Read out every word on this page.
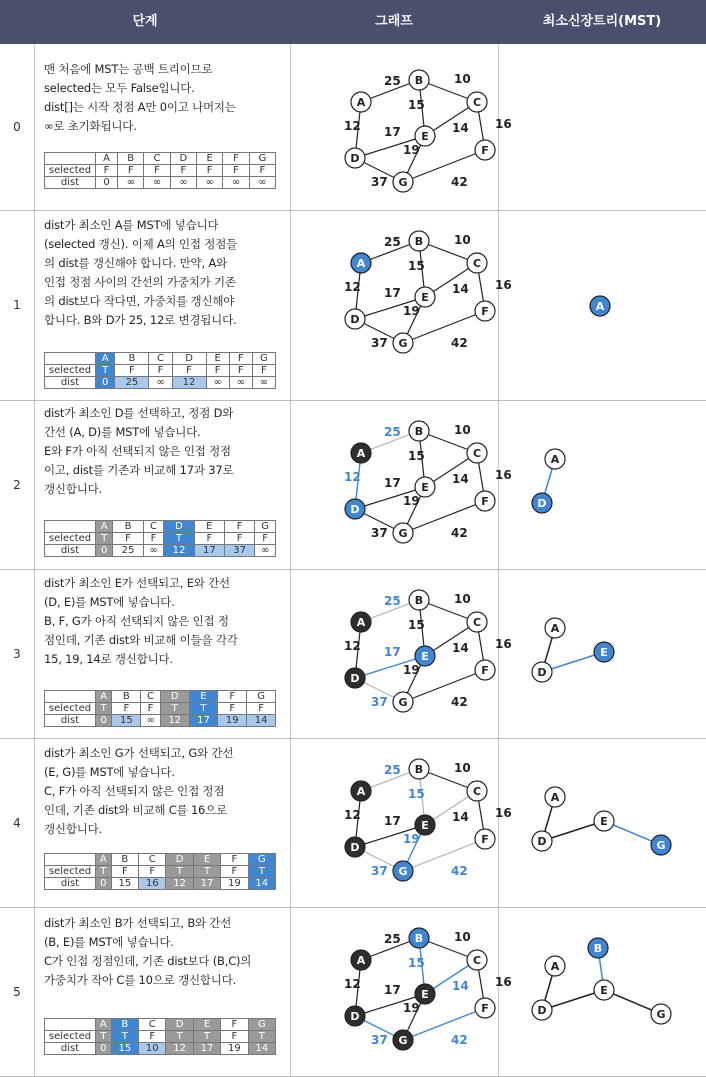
단계	그래프	최소신장트리(MST)
0
맨 처음에 MST는 공백 트리이므로
selected는 모두 False입니다.
dist[]는 시작 정점 A만 0이고 나머지는
∞로 초기화됩니다.
	A	B	C	D	E	F	G
selected	F	F	F	F	F	F	F
dist	0	∞	∞	∞	∞	∞	∞
25	10
12
15
17	14 16
19
37	42
A
B
C
D
E
F
G
1
dist가 최소인 A를 MST에 넣습니다
(selected 갱신). 이제 A의 인접 정점들
의 dist를 갱신해야 합니다. 만약, A와
인접 정점 사이의 간선의 가중치가 기존
의 dist보다 작다면, 가중치를 갱신해야
합니다. B와 D가 25, 12로 변경됩니다.
	A	B	C	D	E	F	G
selected	T	F	F	F	F	F	F
dist	0	25	∞	12	∞	∞	∞
25	10
12
15
17	14 16
19
37	42
A
B
C
D
E
F
G
A
2
dist가 최소인 D를 선택하고, 정점 D와
간선 (A, D)를 MST에 넣습니다.
E와 F가 아직 선택되지 않은 인접 정점
이고, dist를 기존과 비교해 17과 37로
갱신합니다.
	A	B	C	D	E	F	G
selected	T	F	F	T	F	F	F
dist	0	25	∞	12	17	37	∞
25	10
12
15
17	14 16
19
37	42
A
B
C
D
E
F
G
A
D
3
dist가 최소인 E가 선택되고, E와 간선
(D, E)를 MST에 넣습니다.
B, F, G가 아직 선택되지 않은 인접 정
점인데, 기존 dist와 비교해 이들을 각각
15, 19, 14로 갱신합니다.
	A	B	C	D	E	F	G
selected	T	F	F	T	T	F	F
dist	0	15	∞	12	17	19	14
25	10
12
15
17	14 16
19
37	42
A
B
C
D
E
F
G
A
D
E
4
dist가 최소인 G가 선택되고, G와 간선
(E, G)를 MST에 넣습니다.
C, F가 아직 선택되지 않은 인접 정점
인데, 기존 dist와 비교해 C를 16으로
갱신합니다.
	A	B	C	D	E	F	G
selected	T	F	F	T	T	F	T
dist	0	15	16	12	17	19	14
25	10
12
15
17	14 16
19
37	42
A
B
C
D
E
F
G
A
D
E
G
5
dist가 최소인 B가 선택되고, B와 간선
(B, E)를 MST에 넣습니다.
C가 인접 정점인데, 기존 dist보다 (B,C)의
가중치가 작아 C를 10으로 갱신합니다.
	A	B	C	D	E	F	G
selected	T	T	F	T	T	F	T
dist	0	15	10	12	17	19	14
25	10
12
15
17	14 16
19
37	42
A
B
C
D
E
F
G
A
B
D
E
G
